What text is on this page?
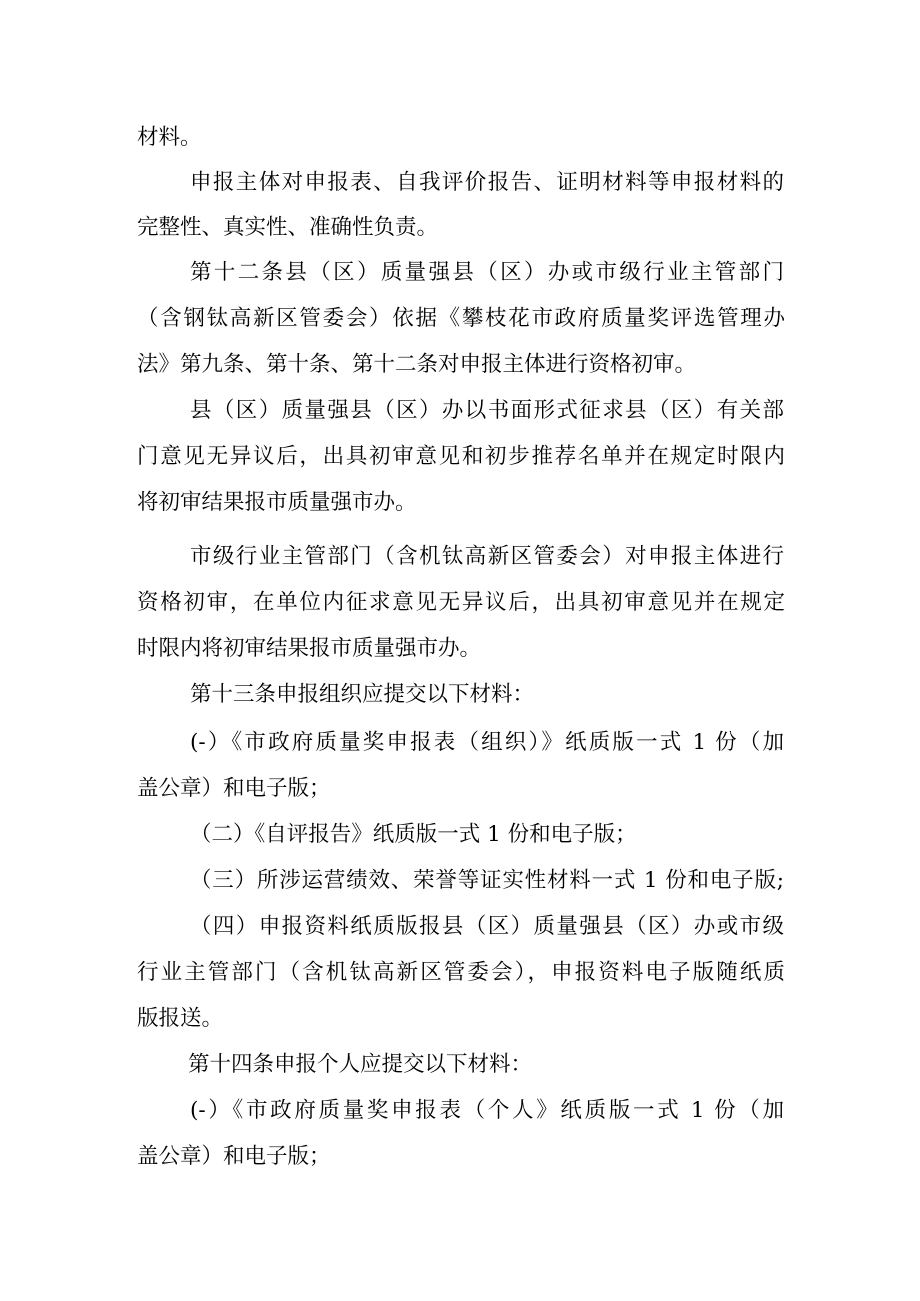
材料。

申报主体对申报表、自我评价报告、证明材料等申报材料的

完整性、真实性、准确性负责。

第十二条县（区）质量强县（区）办或市级行业主管部门

（含钢钛高新区管委会）依据《攀枝花市政府质量奖评选管理办

法》第九条、第十条、第十二条对申报主体进行资格初审。

县（区）质量强县（区）办以书面形式征求县（区）有关部

门意见无异议后，出具初审意见和初步推荐名单并在规定时限内

将初审结果报市质量强市办。

市级行业主管部门（含机钛高新区管委会）对申报主体进行

资格初审，在单位内征求意见无异议后，出具初审意见并在规定

时限内将初审结果报市质量强市办。

第十三条申报组织应提交以下材料：

(-）《市政府质量奖申报表（组织）》纸质版一式 1 份（加

盖公章）和电子版；

（二）《自评报告》纸质版一式 1 份和电子版；

（三）所涉运营绩效、荣誉等证实性材料一式 1 份和电子版;

（四）申报资料纸质版报县（区）质量强县（区）办或市级

行业主管部门（含机钛高新区管委会），申报资料电子版随纸质

版报送。

第十四条申报个人应提交以下材料：

(-）《市政府质量奖申报表（个人》纸质版一式 1 份（加

盖公章）和电子版；
